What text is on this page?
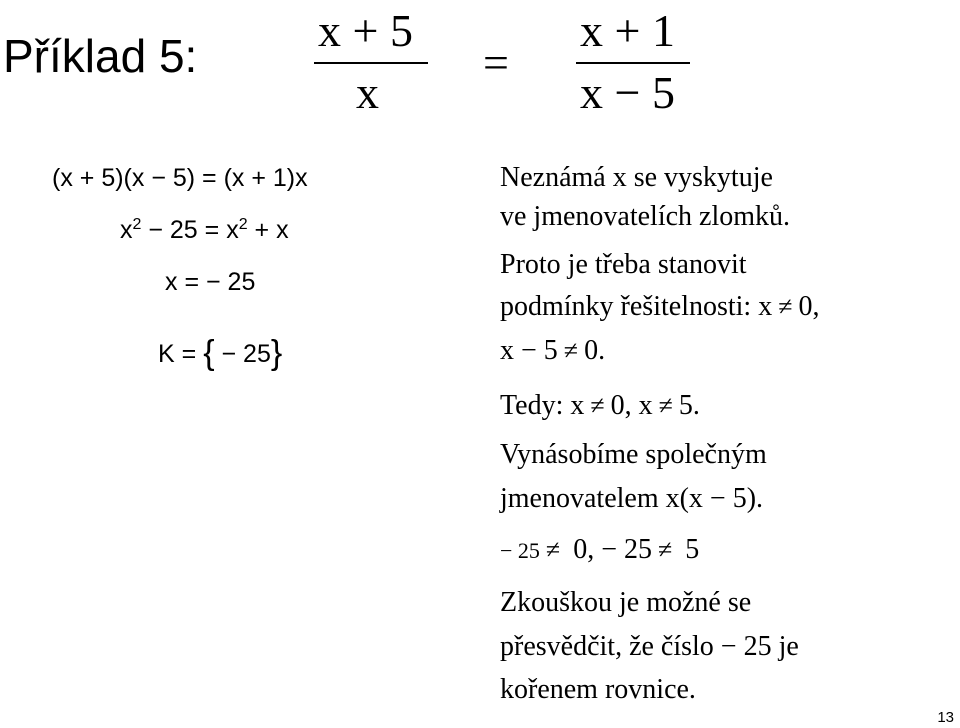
Příklad 5:	x + 5
x
=
x + 1
x − 5
(x + 5)(x − 5) = (x + 1)x
$x^2 - 25 = x^2 + x$
x = − 25
K = { − 25}
Neznámá x se vyskytuje
ve jmenovatelích zlomků.
Proto je třeba stanovit
podmínky řešitelnosti: x ≠ 0,
x − 5 ≠ 0.
Tedy: x ≠ 0, x ≠ 5.
Vynásobíme společným
jmenovatelem x(x − 5).
− 25 ≠ 0, − 25 ≠ 5
Zkouškou je možné se
přesvědčit, že číslo − 25 je
kořenem rovnice.
13
